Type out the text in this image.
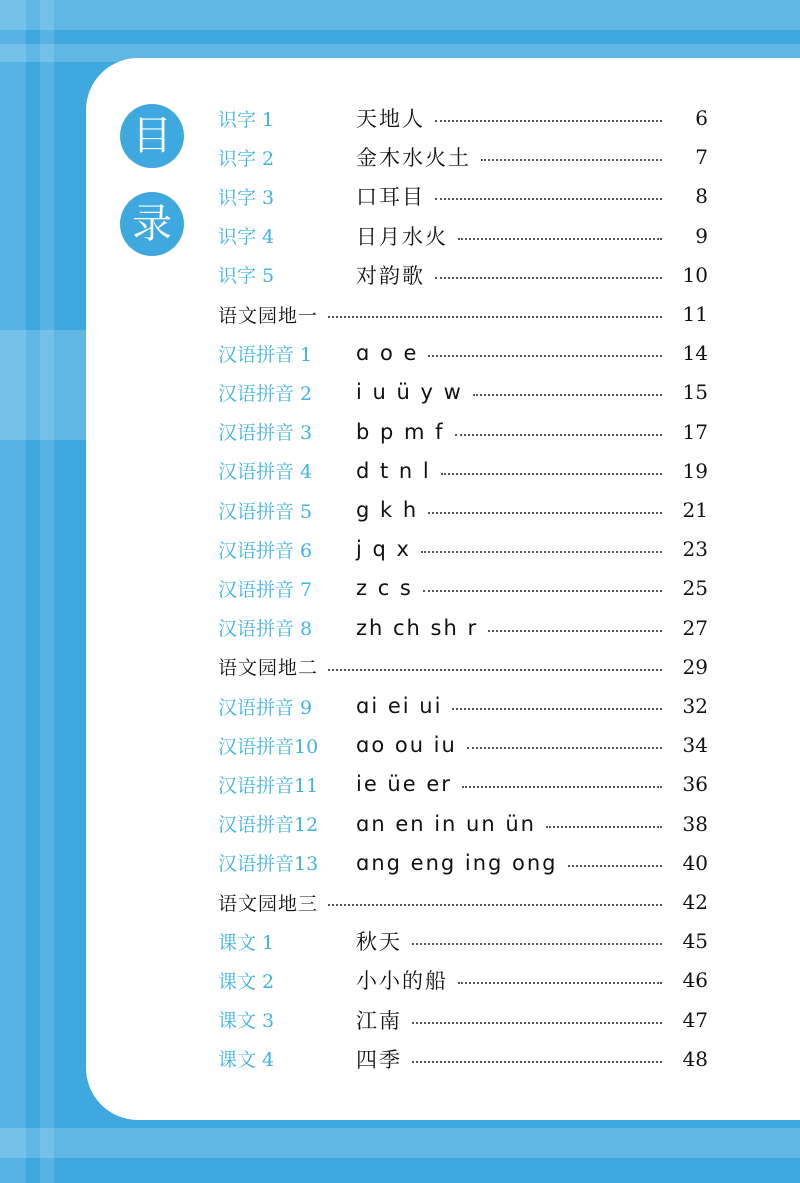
目
录
识字 1	天地人	6
识字 2	金木水火土	7
识字 3	口耳目	8
识字 4	日月水火	9
识字 5	对韵歌	10
语文园地一	11
汉语拼音 1	ɑ o e	14
汉语拼音 2	i u ü y w	15
汉语拼音 3	b p m f	17
汉语拼音 4	d t n l	19
汉语拼音 5	g k h	21
汉语拼音 6	j q x	23
汉语拼音 7	z c s	25
汉语拼音 8	zh ch sh r	27
语文园地二	29
汉语拼音 9	ɑi ei ui	32
汉语拼音10	ɑo ou iu	34
汉语拼音11	ie üe er	36
汉语拼音12	ɑn en in un ün	38
汉语拼音13	ɑng eng ing ong	40
语文园地三	42
课文 1	秋天	45
课文 2	小小的船	46
课文 3	江南	47
课文 4	四季	48
